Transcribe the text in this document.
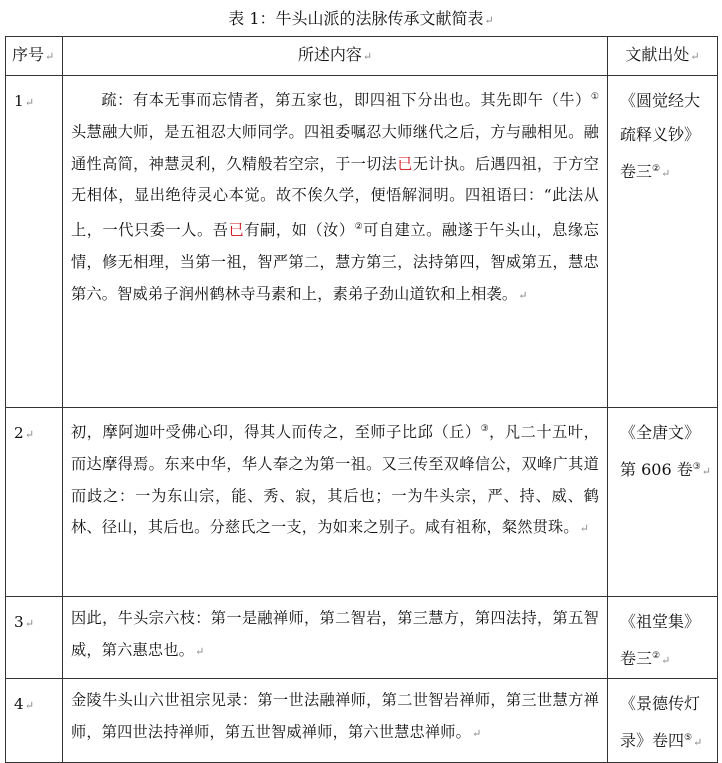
表 1：牛头山派的法脉传承文献简表↵
序号↵	所述内容↵	文献出处↵
1↵	疏：有本无事而忘情者，第五家也，即四祖下分出也。其先即午（牛）①头慧融大师，是五祖忍大师同学。四祖委嘱忍大师继代之后，方与融相见。融通性高简，神慧灵利，久精般若空宗，于一切法已无计执。后遇四祖，于方空无相体，显出绝待灵心本觉。故不俟久学，便悟解洞明。四祖语曰：“此法从上，一代只委一人。吾已有嗣，如（汝）②可自建立。融遂于午头山，息缘忘情，修无相理，当第一祖，智严第二，慧方第三，法持第四，智威第五，慧忠第六。智威弟子润州鹤林寺马素和上，素弟子劲山道钦和上相袭。↵	《圆觉经大疏释义钞》卷三②↵
2↵	初，摩阿迦叶受佛心印，得其人而传之，至师子比邱（丘）③，凡二十五叶，而达摩得焉。东来中华，华人奉之为第一祖。又三传至双峰信公，双峰广其道而歧之：一为东山宗，能、秀、寂，其后也；一为牛头宗，严、持、威、鹤林、径山，其后也。分慈氏之一支，为如来之别子。咸有祖称，粲然贯珠。↵	《全唐文》第 606 卷③↵
3↵	因此，牛头宗六枝：第一是融禅师，第二智岩，第三慧方，第四法持，第五智威，第六惠忠也。↵	《祖堂集》卷三②↵
4↵	金陵牛头山六世祖宗见录：第一世法融禅师，第二世智岩禅师，第三世慧方禅师，第四世法持禅师，第五世智威禅师，第六世慧忠禅师。↵	《景德传灯录》卷四⑤↵
